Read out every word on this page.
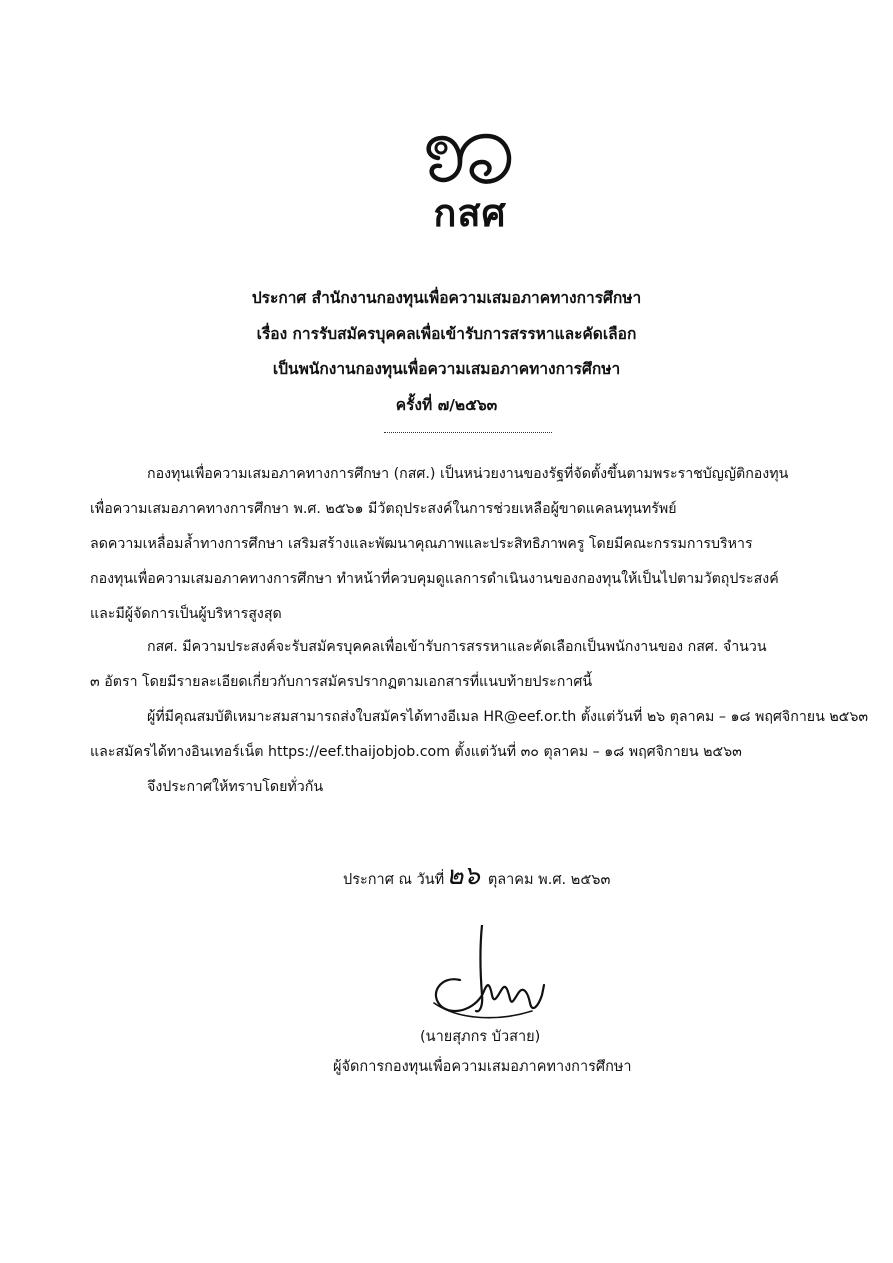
กสศ
ประกาศ สำนักงานกองทุนเพื่อความเสมอภาคทางการศึกษา
เรื่อง การรับสมัครบุคคลเพื่อเข้ารับการสรรหาและคัดเลือก
เป็นพนักงานกองทุนเพื่อความเสมอภาคทางการศึกษา
ครั้งที่ ๗/๒๕๖๓
กองทุนเพื่อความเสมอภาคทางการศึกษา (กสศ.) เป็นหน่วยงานของรัฐที่จัดตั้งขึ้นตามพระราชบัญญัติกองทุน
เพื่อความเสมอภาคทางการศึกษา พ.ศ. ๒๕๖๑ มีวัตถุประสงค์ในการช่วยเหลือผู้ขาดแคลนทุนทรัพย์
ลดความเหลื่อมล้ำทางการศึกษา เสริมสร้างและพัฒนาคุณภาพและประสิทธิภาพครู โดยมีคณะกรรมการบริหาร
กองทุนเพื่อความเสมอภาคทางการศึกษา ทำหน้าที่ควบคุมดูแลการดำเนินงานของกองทุนให้เป็นไปตามวัตถุประสงค์
และมีผู้จัดการเป็นผู้บริหารสูงสุด
กสศ. มีความประสงค์จะรับสมัครบุคคลเพื่อเข้ารับการสรรหาและคัดเลือกเป็นพนักงานของ กสศ. จำนวน
๓ อัตรา โดยมีรายละเอียดเกี่ยวกับการสมัครปรากฏตามเอกสารที่แนบท้ายประกาศนี้
ผู้ที่มีคุณสมบัติเหมาะสมสามารถส่งใบสมัครได้ทางอีเมล HR@eef.or.th ตั้งแต่วันที่ ๒๖ ตุลาคม – ๑๘ พฤศจิกายน ๒๕๖๓
และสมัครได้ทางอินเทอร์เน็ต https://eef.thaijobjob.com ตั้งแต่วันที่ ๓๐ ตุลาคม – ๑๘ พฤศจิกายน ๒๕๖๓
จึงประกาศให้ทราบโดยทั่วกัน
ประกาศ ณ วันที่๒๖ ตุลาคม พ.ศ. ๒๕๖๓
(นายสุภกร บัวสาย)
ผู้จัดการกองทุนเพื่อความเสมอภาคทางการศึกษา
